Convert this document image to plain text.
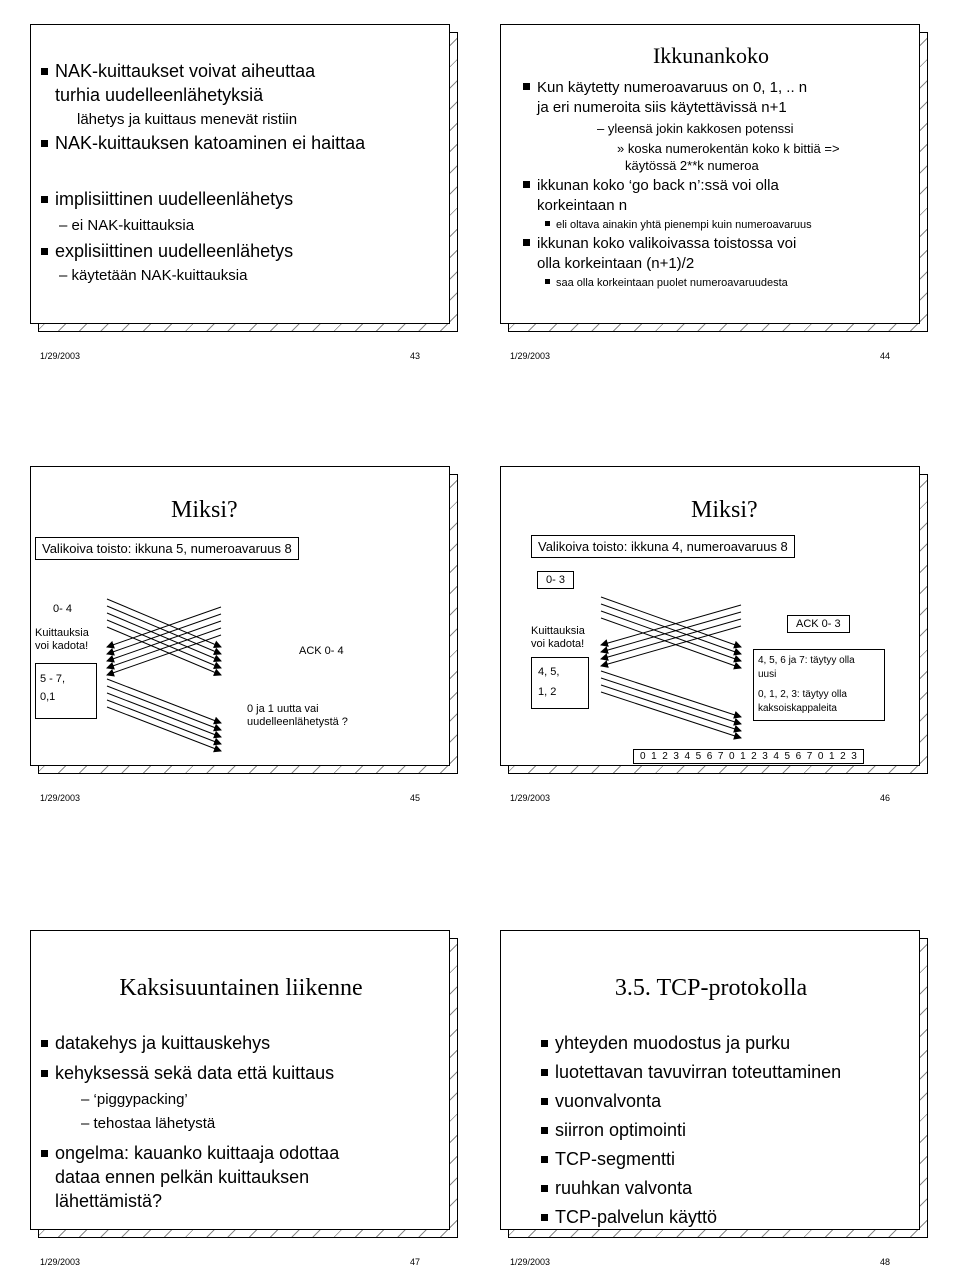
NAK-kuittaukset voivat aiheuttaa
turhia uudelleenlähetyksiä
lähetys ja kuittaus menevät ristiin
NAK-kuittauksen katoaminen ei haittaa
implisiittinen uudelleenlähetys
– ei NAK-kuittauksia
explisiittinen uudelleenlähetys
– käytetään NAK-kuittauksia
1/29/2003	43
Ikkunankoko
Kun käytetty numeroavaruus on 0, 1, .. n
ja eri numeroita siis käytettävissä n+1
– yleensä jokin kakkosen potenssi
» koska numerokentän koko k bittiä =>
käytössä 2**k numeroa
ikkunan koko ‘go back n’:ssä voi olla
korkeintaan n
eli oltava ainakin yhtä pienempi kuin numeroavaruus
ikkunan koko valikoivassa toistossa voi
olla korkeintaan (n+1)/2
saa olla korkeintaan puolet numeroavaruudesta
1/29/2003	44
Miksi?
Valikoiva toisto: ikkuna 5, numeroavaruus 8
0- 4
Kuittauksia
voi kadota!
5 - 7,
0,1
ACK 0- 4
0 ja 1 uutta vai
uudelleenlähetystä ?
1/29/2003	45
Miksi?
Valikoiva toisto: ikkuna 4, numeroavaruus 8
0- 3
Kuittauksia
voi kadota!
4, 5,
1, 2
ACK 0- 3
4, 5, 6 ja 7: täytyy olla
uusi
0, 1, 2, 3: täytyy olla
kaksoiskappaleita
0  1  2  3  4  5  6  7  0  1  2  3  4  5  6  7  0  1  2  3
1/29/2003	46
Kaksisuuntainen liikenne
datakehys ja kuittauskehys
kehyksessä sekä data että kuittaus
– ‘piggypacking’
– tehostaa lähetystä
ongelma: kauanko kuittaaja odottaa
dataa ennen pelkän kuittauksen
lähettämistä?
1/29/2003	47
3.5. TCP-protokolla
yhteyden muodostus ja purku
luotettavan tavuvirran toteuttaminen
vuonvalvonta
siirron optimointi
TCP-segmentti
ruuhkan valvonta
TCP-palvelun käyttö
1/29/2003	48
